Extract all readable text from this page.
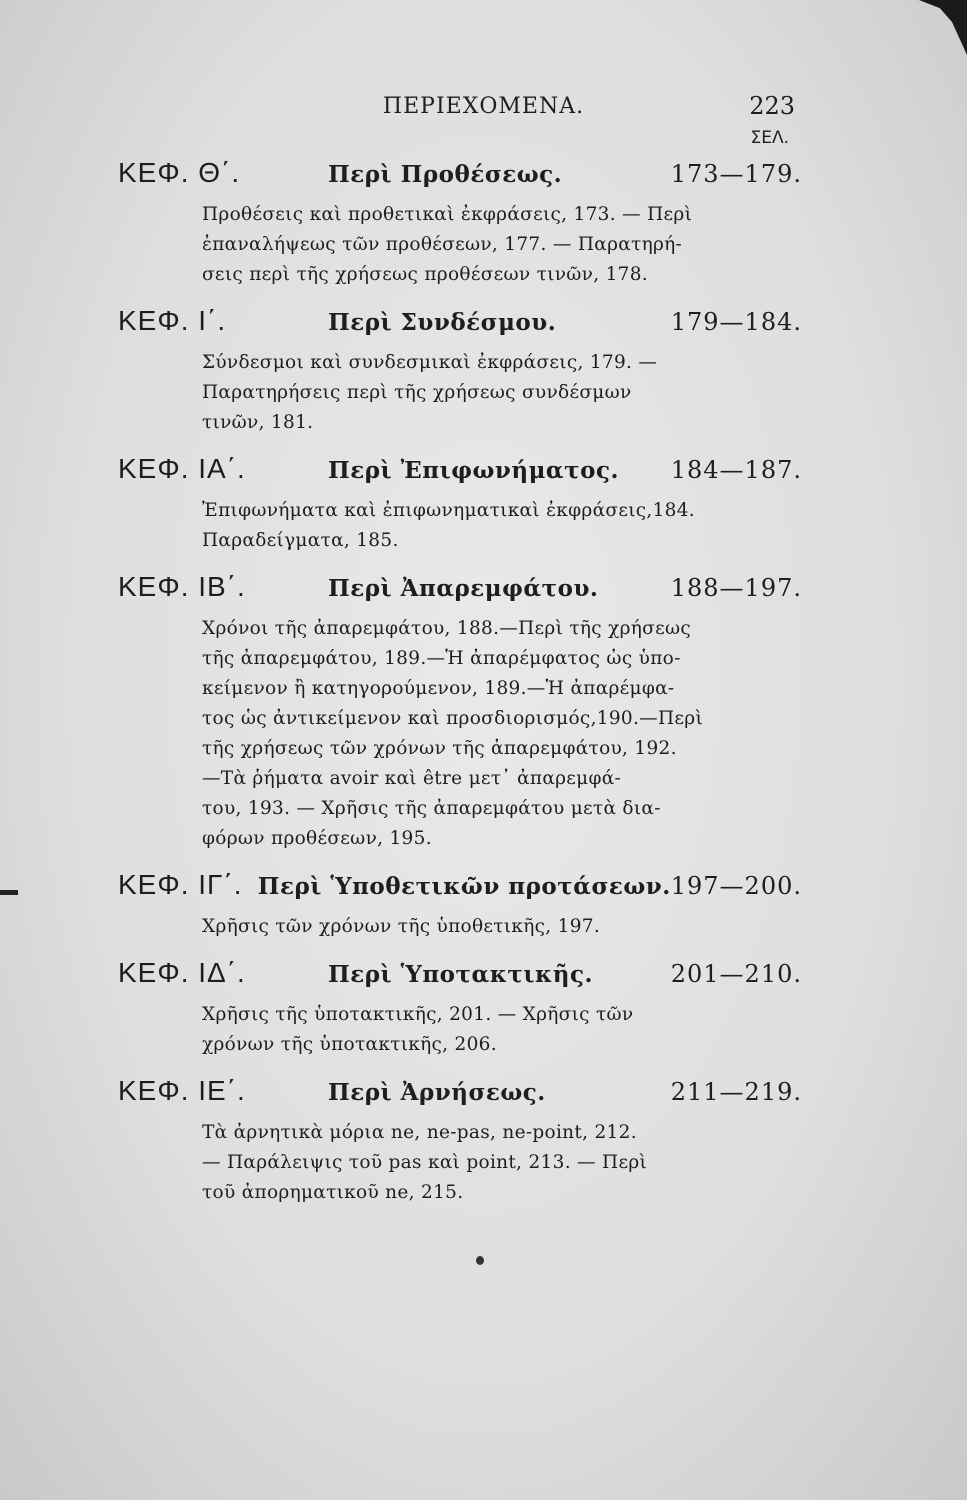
ΠΕΡΙΕΧΟΜΕΝΑ.	223
ΣΕΛ.
ΚΕΦ. Θ΄.	Περὶ Προθέσεως.	173—179.
Προθέσεις καὶ προθετικαὶ ἐκφράσεις, 173. — Περὶ
ἐπαναλήψεως τῶν προθέσεων, 177. — Παρατηρή-
σεις περὶ τῆς χρήσεως προθέσεων τινῶν, 178.
ΚΕΦ. Ι΄.	Περὶ Συνδέσμου.	179—184.
Σύνδεσμοι καὶ συνδεσμικαὶ ἐκφράσεις, 179. —
Παρατηρήσεις περὶ τῆς χρήσεως συνδέσμων
τινῶν, 181.
ΚΕΦ. ΙΑ΄.	Περὶ Ἐπιφωνήματος.	184—187.
Ἐπιφωνήματα καὶ ἐπιφωνηματικαὶ ἐκφράσεις,184.
Παραδείγματα, 185.
ΚΕΦ. ΙΒ΄.	Περὶ Ἀπαρεμφάτου.	188—197.
Χρόνοι τῆς ἀπαρεμφάτου, 188.—Περὶ τῆς χρήσεως
τῆς ἀπαρεμφάτου, 189.—Ἡ ἀπαρέμφατος ὡς ὑπο-
κείμενον ἢ κατηγορούμενον, 189.—Ἡ ἀπαρέμφα-
τος ὡς ἀντικείμενον καὶ προσδιορισμός,190.—Περὶ
τῆς χρήσεως τῶν χρόνων τῆς ἀπαρεμφάτου, 192.
—Τὰ ῥήματα avoir καὶ être μετ᾽ ἀπαρεμφά-
του, 193. — Χρῆσις τῆς ἀπαρεμφάτου μετὰ δια-
φόρων προθέσεων, 195.
ΚΕΦ. ΙΓ΄. Περὶ Ὑποθετικῶν προτάσεων. 197—200.
Χρῆσις τῶν χρόνων τῆς ὑποθετικῆς, 197.
ΚΕΦ. ΙΔ΄.	Περὶ Ὑποτακτικῆς.	201—210.
Χρῆσις τῆς ὑποτακτικῆς, 201. — Χρῆσις τῶν
χρόνων τῆς ὑποτακτικῆς, 206.
ΚΕΦ. ΙΕ΄.	Περὶ Ἀρνήσεως.	211—219.
Τὰ ἀρνητικὰ μόρια ne, ne-pas, ne-point, 212.
— Παράλειψις τοῦ pas καὶ point, 213. — Περὶ
τοῦ ἀπορηματικοῦ ne, 215.
